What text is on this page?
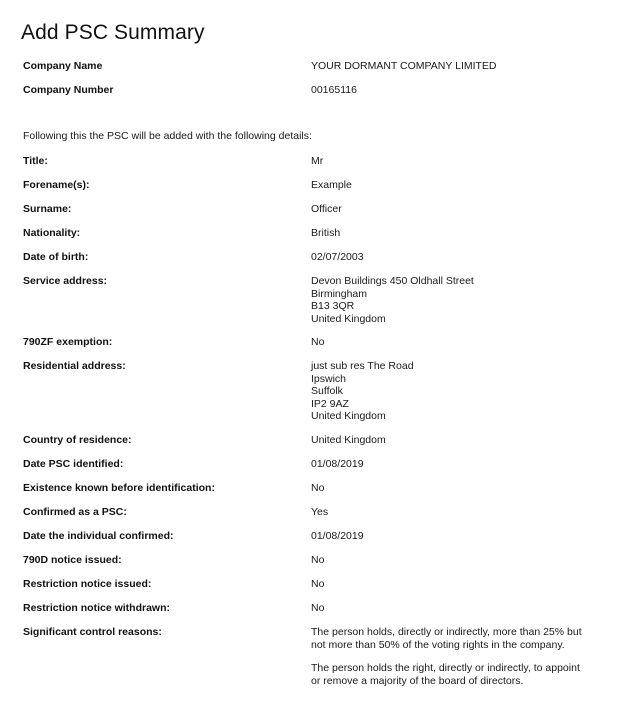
Add PSC Summary
Company Name	YOUR DORMANT COMPANY LIMITED
Company Number	00165116
Following this the PSC will be added with the following details:
Title:	Mr
Forename(s):	Example
Surname:	Officer
Nationality:	British
Date of birth:	02/07/2003
Service address:	Devon Buildings 450 Oldhall Street
Birmingham
B13 3QR
United Kingdom
790ZF exemption:	No
Residential address:	just sub res The Road
Ipswich
Suffolk
IP2 9AZ
United Kingdom
Country of residence:	United Kingdom
Date PSC identified:	01/08/2019
Existence known before identification:	No
Confirmed as a PSC:	Yes
Date the individual confirmed:	01/08/2019
790D notice issued:	No
Restriction notice issued:	No
Restriction notice withdrawn:	No
Significant control reasons:	The person holds, directly or indirectly, more than 25% but
not more than 50% of the voting rights in the company.
The person holds the right, directly or indirectly, to appoint
or remove a majority of the board of directors.
